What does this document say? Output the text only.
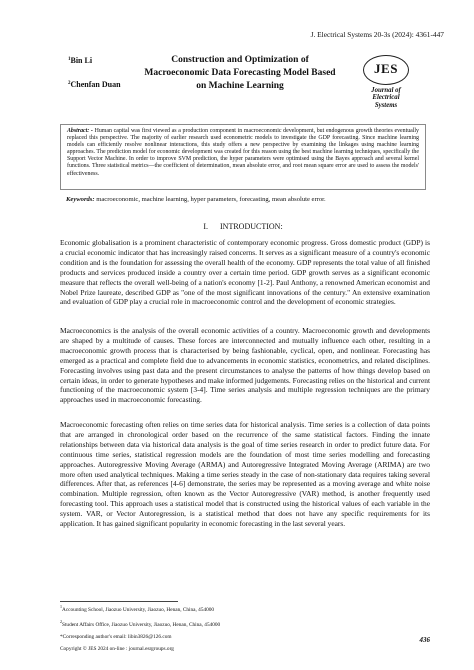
J. Electrical Systems 20-3s (2024): 4361-447
$^1$Bin Li
$^2$Chenfan Duan
Construction and Optimization of Macroeconomic Data Forecasting Model Based on Machine Learning
JES
Journal of
Electrical
Systems
Abstract: - Human capital was first viewed as a production component in macroeconomic development, but endogenous growth theories eventually replaced this perspective. The majority of earlier research used econometric models to investigate the GDP forecasting. Since machine learning models can efficiently resolve nonlinear interactions, this study offers a new perspective by examining the linkages using machine learning approaches. The prediction model for economic development was created for this reason using the best machine learning techniques, specifically the Support Vector Machine. In order to improve SVM prediction, the hyper parameters were optimised using the Bayes approach and several kernel functions. Three statistical metrics—the coefficient of determination, mean absolute error, and root mean square error are used to assess the models' effectiveness.
Keywords: macroeconomic, machine learning, hyper parameters, forecasting, mean absolute error.
I. INTRODUCTION:

Economic globalisation is a prominent characteristic of contemporary economic progress. Gross domestic product (GDP) is a crucial economic indicator that has increasingly raised concerns. It serves as a significant measure of a country's economic condition and is the foundation for assessing the overall health of the economy. GDP represents the total value of all finished products and services produced inside a country over a certain time period. GDP growth serves as a significant economic measure that reflects the overall well-being of a nation's economy [1-2]. Paul Anthony, a renowned American economist and Nobel Prize laureate, described GDP as "one of the most significant innovations of the century." An extensive examination and evaluation of GDP play a crucial role in macroeconomic control and the development of economic strategies.

Macroeconomics is the analysis of the overall economic activities of a country. Macroeconomic growth and developments are shaped by a multitude of causes. These forces are interconnected and mutually influence each other, resulting in a macroeconomic growth process that is characterised by being fashionable, cyclical, open, and nonlinear. Forecasting has emerged as a practical and complete field due to advancements in economic statistics, econometrics, and related disciplines. Forecasting involves using past data and the present circumstances to analyse the patterns of how things develop based on certain ideas, in order to generate hypotheses and make informed judgements. Forecasting relies on the historical and current functioning of the macroeconomic system [3-4]. Time series analysis and multiple regression techniques are the primary approaches used in macroeconomic forecasting.

Macroeconomic forecasting often relies on time series data for historical analysis. Time series is a collection of data points that are arranged in chronological order based on the recurrence of the same statistical factors. Finding the innate relationships between data via historical data analysis is the goal of time series research in order to predict future data. For continuous time series, statistical regression models are the foundation of most time series modelling and forecasting approaches. Autoregressive Moving Average (ARMA) and Autoregressive Integrated Moving Average (ARIMA) are two more often used analytical techniques. Making a time series steady in the case of non-stationary data requires taking several differences. After that, as references [4-6] demonstrate, the series may be represented as a moving average and white noise combination. Multiple regression, often known as the Vector Autoregressive (VAR) method, is another frequently used forecasting tool. This approach uses a statistical model that is constructed using the historical values of each variable in the system. VAR, or Vector Autoregression, is a statistical method that does not have any specific requirements for its application. It has gained significant popularity in economic forecasting in the last several years.

$^1$Accounting School, Jiaozuo University, Jiaozuo, Henan, China, 454000

$^2$Student Affairs Office, Jiaozuo University, Jiaozuo, Henan, China, 454000

*Corresponding author's email: libin3826@126.com

Copyright © JES 2024 on-line : journal.esrgroups.org

436
